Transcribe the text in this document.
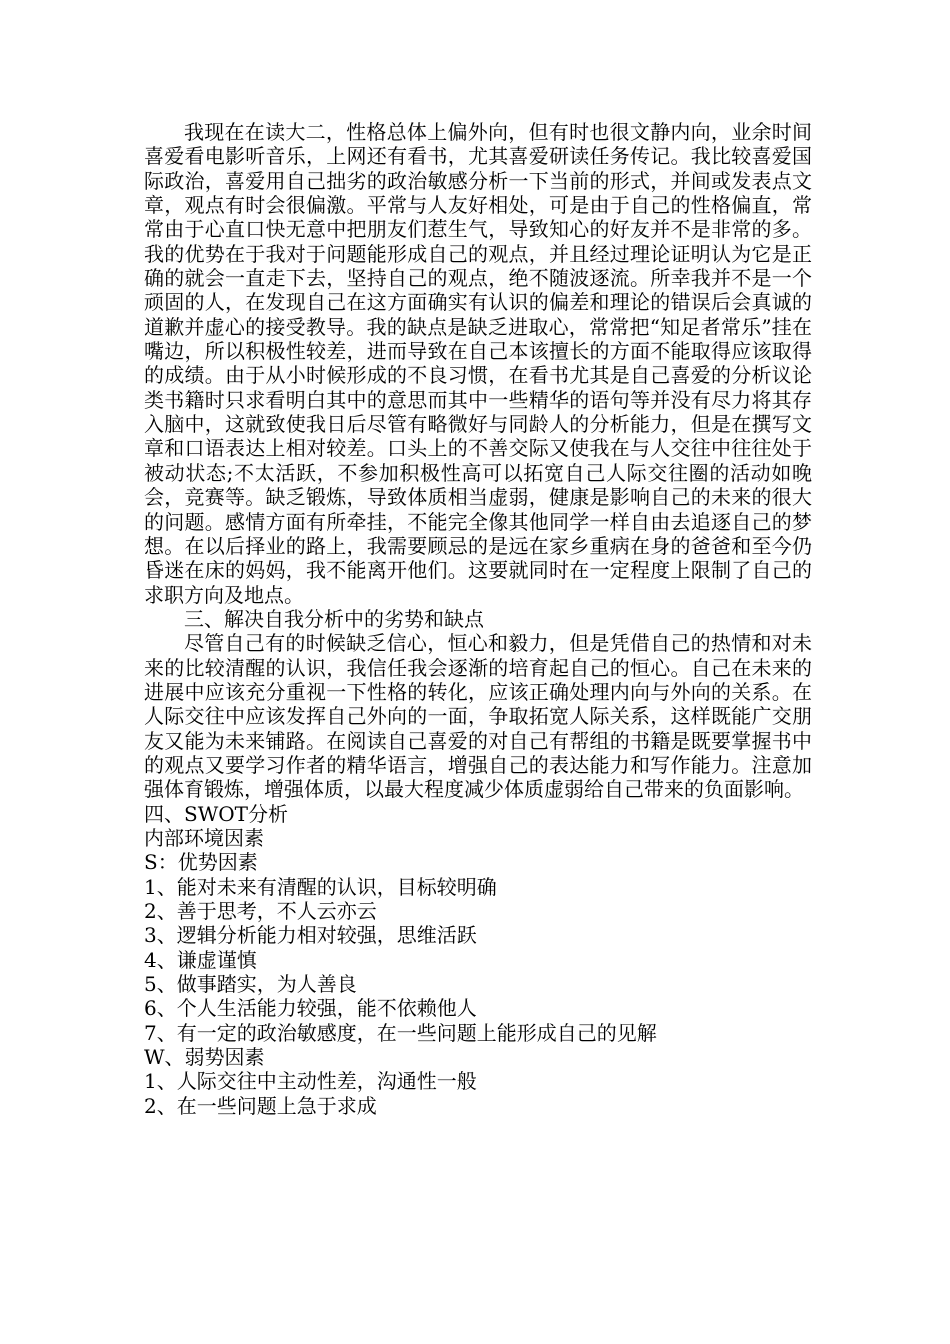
我现在在读大二，性格总体上偏外向，但有时也很文静内向，业余时间喜爱看电影听音乐，上网还有看书，尤其喜爱研读任务传记。我比较喜爱国际政治，喜爱用自己拙劣的政治敏感分析一下当前的形式，并间或发表点文章，观点有时会很偏激。平常与人友好相处，可是由于自己的性格偏直，常常由于心直口快无意中把朋友们惹生气，导致知心的好友并不是非常的多。我的优势在于我对于问题能形成自己的观点，并且经过理论证明认为它是正确的就会一直走下去，坚持自己的观点，绝不随波逐流。所幸我并不是一个顽固的人，在发现自己在这方面确实有认识的偏差和理论的错误后会真诚的道歉并虚心的接受教导。我的缺点是缺乏进取心，常常把“知足者常乐”挂在嘴边，所以积极性较差，进而导致在自己本该擅长的方面不能取得应该取得的成绩。由于从小时候形成的不良习惯，在看书尤其是自己喜爱的分析议论类书籍时只求看明白其中的意思而其中一些精华的语句等并没有尽力将其存入脑中，这就致使我日后尽管有略微好与同龄人的分析能力，但是在撰写文章和口语表达上相对较差。口头上的不善交际又使我在与人交往中往往处于被动状态;不太活跃，不参加积极性高可以拓宽自己人际交往圈的活动如晚会，竞赛等。缺乏锻炼，导致体质相当虚弱，健康是影响自己的未来的很大的问题。感情方面有所牵挂，不能完全像其他同学一样自由去追逐自己的梦想。在以后择业的路上，我需要顾忌的是远在家乡重病在身的爸爸和至今仍昏迷在床的妈妈，我不能离开他们。这要就同时在一定程度上限制了自己的求职方向及地点。

三、解决自我分析中的劣势和缺点

尽管自己有的时候缺乏信心，恒心和毅力，但是凭借自己的热情和对未来的比较清醒的认识，我信任我会逐渐的培育起自己的恒心。自己在未来的进展中应该充分重视一下性格的转化，应该正确处理内向与外向的关系。在人际交往中应该发挥自己外向的一面，争取拓宽人际关系，这样既能广交朋友又能为未来铺路。在阅读自己喜爱的对自己有帮组的书籍是既要掌握书中的观点又要学习作者的精华语言，增强自己的表达能力和写作能力。注意加强体育锻炼，增强体质，以最大程度减少体质虚弱给自己带来的负面影响。

四、SWOT分析

内部环境因素

S：优势因素

1、能对未来有清醒的认识，目标较明确

2、善于思考，不人云亦云

3、逻辑分析能力相对较强，思维活跃

4、谦虚谨慎

5、做事踏实，为人善良

6、个人生活能力较强，能不依赖他人

7、有一定的政治敏感度，在一些问题上能形成自己的见解

W、弱势因素

1、人际交往中主动性差，沟通性一般

2、在一些问题上急于求成
